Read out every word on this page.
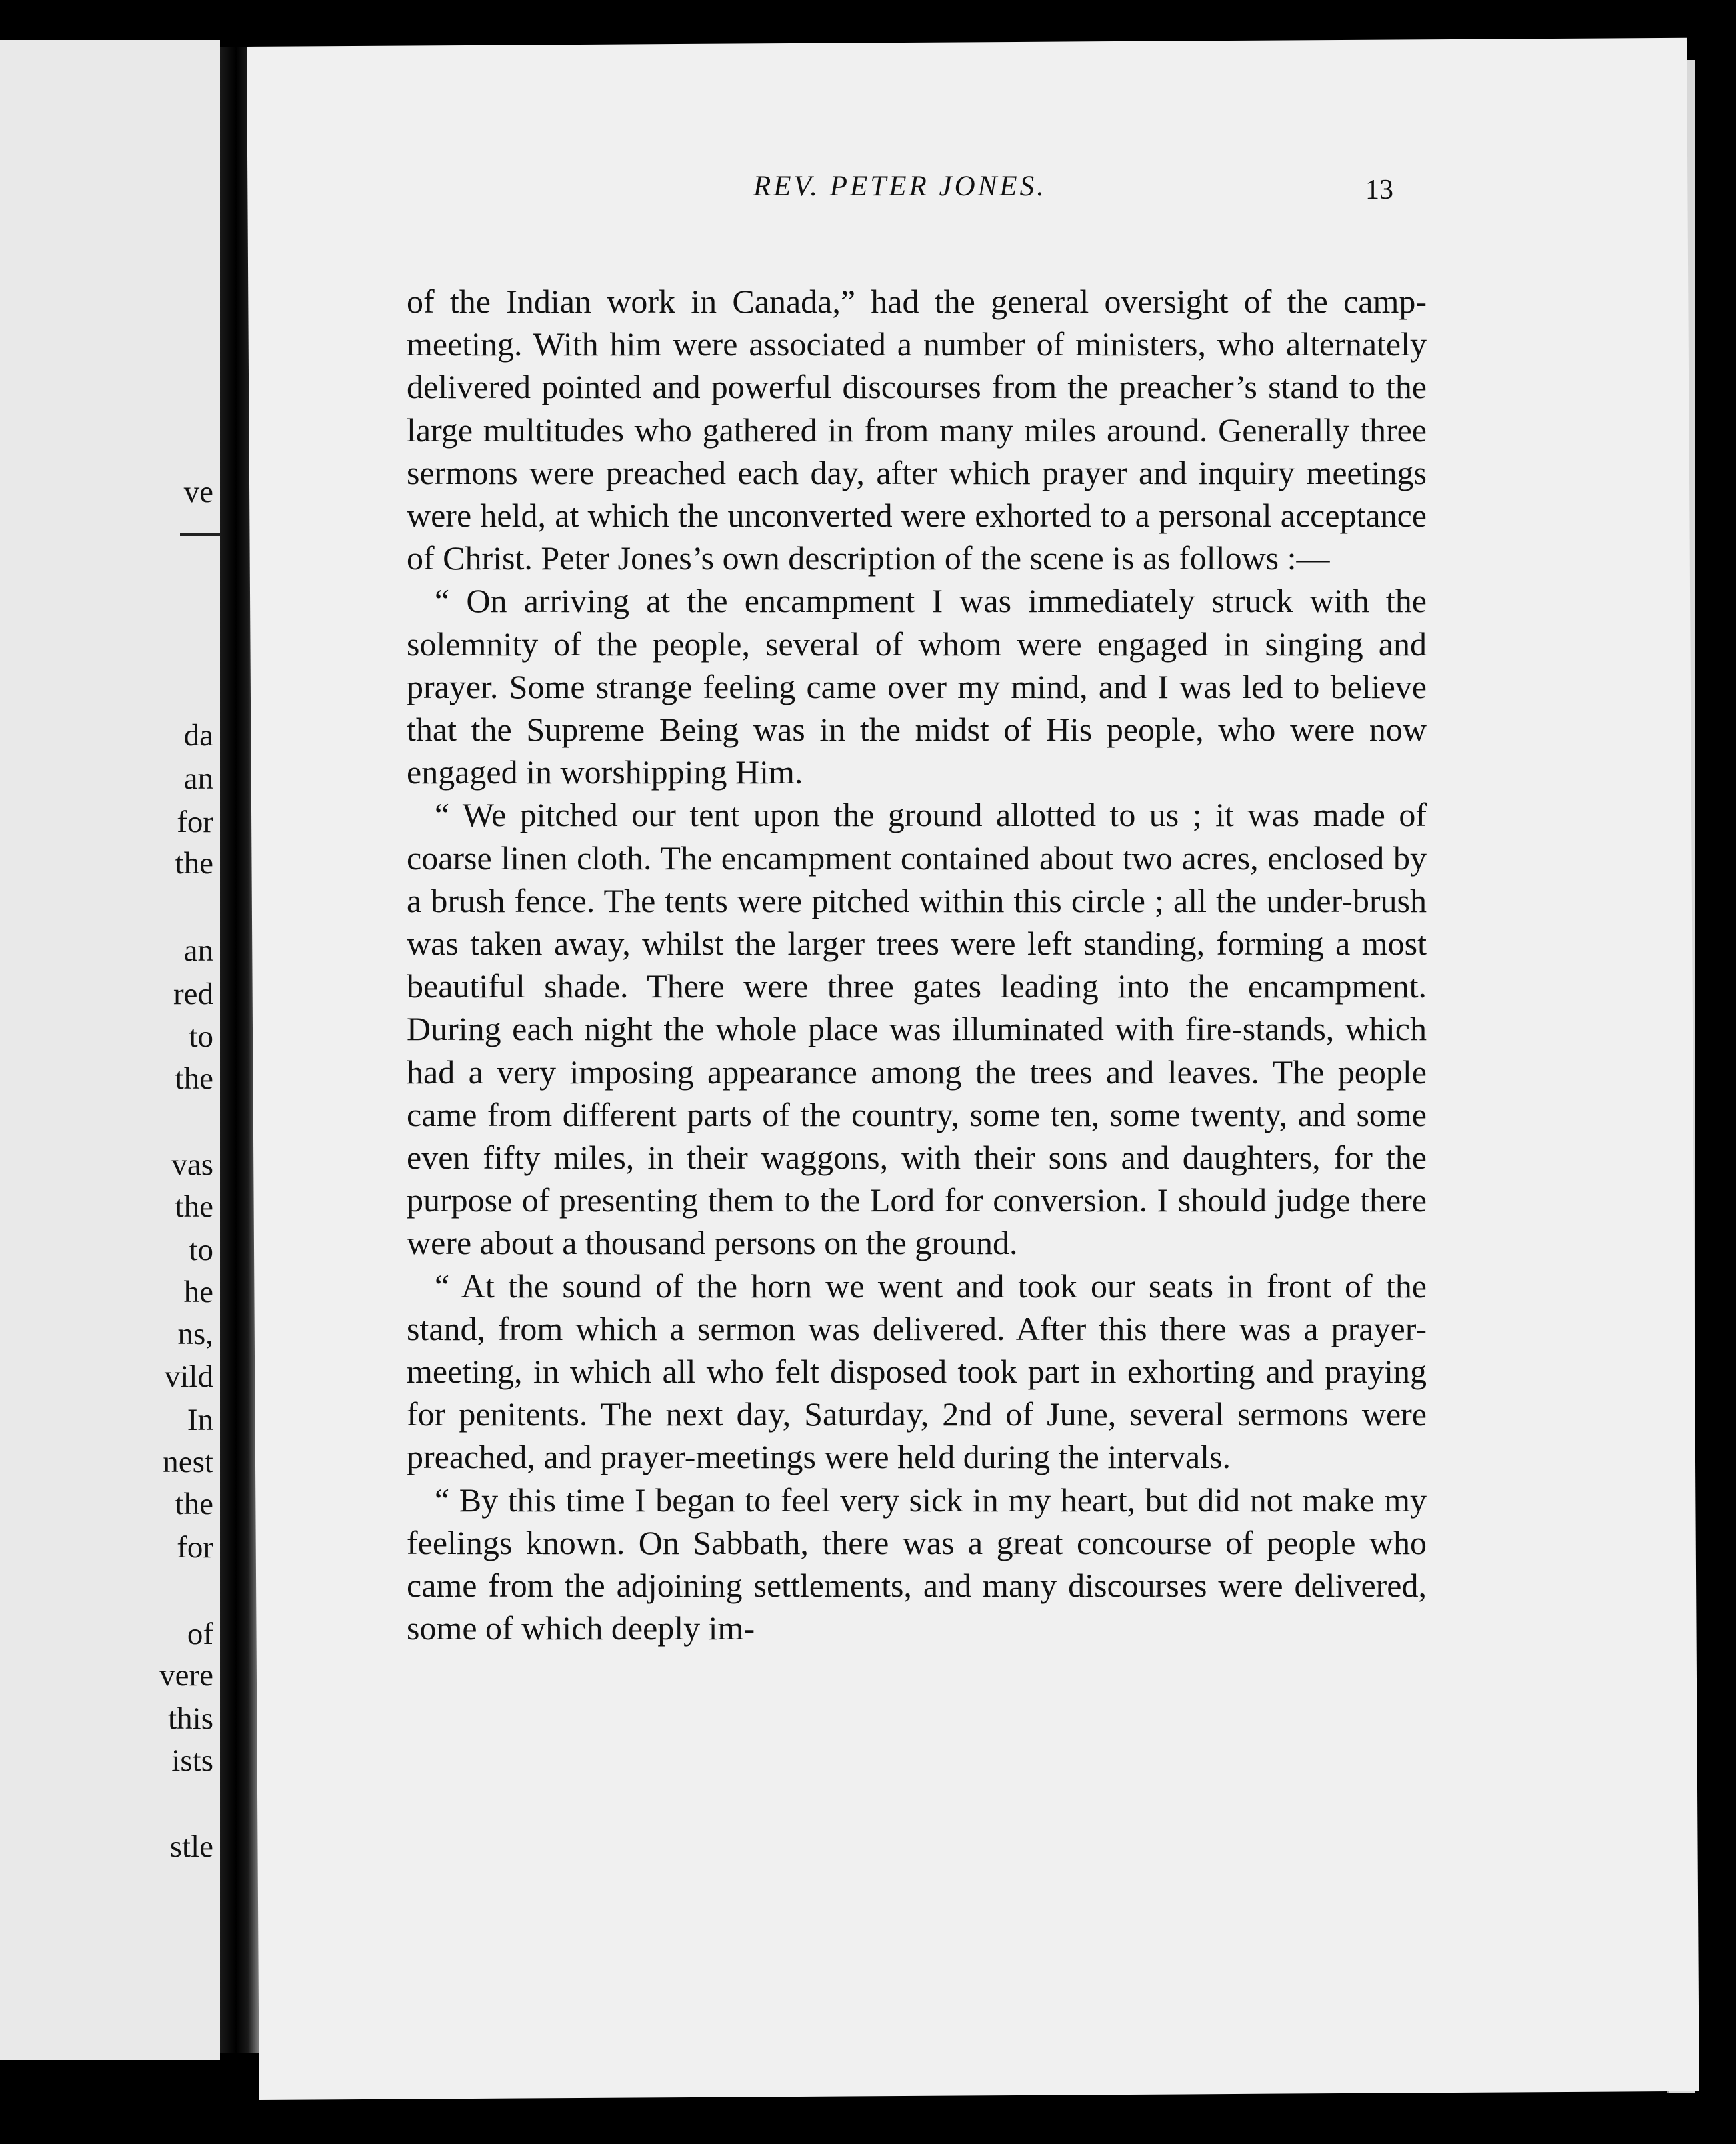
ve
da
an
for
the
an
red
to
the
vas
the
to
he
ns,
vild
In
nest
the
for
of
vere
this
ists
stle
REV. PETER JONES.	13

of the Indian work in Canada,” had the general oversight of the camp-meeting. With him were associated a number of ministers, who alternately delivered pointed and powerful discourses from the preacher’s stand to the large multitudes who gathered in from many miles around. Generally three sermons were preached each day, after which prayer and inquiry meetings were held, at which the unconverted were exhorted to a personal acceptance of Christ. Peter Jones’s own description of the scene is as follows :—

“ On arriving at the encampment I was immediately struck with the solemnity of the people, several of whom were engaged in singing and prayer. Some strange feeling came over my mind, and I was led to believe that the Supreme Being was in the midst of His people, who were now engaged in worshipping Him.

“ We pitched our tent upon the ground allotted to us ; it was made of coarse linen cloth. The encampment contained about two acres, enclosed by a brush fence. The tents were pitched within this circle ; all the under-brush was taken away, whilst the larger trees were left standing, forming a most beautiful shade. There were three gates leading into the encampment. During each night the whole place was illuminated with fire-stands, which had a very imposing appearance among the trees and leaves. The people came from different parts of the country, some ten, some twenty, and some even fifty miles, in their waggons, with their sons and daughters, for the purpose of presenting them to the Lord for conversion. I should judge there were about a thousand persons on the ground.

“ At the sound of the horn we went and took our seats in front of the stand, from which a sermon was delivered. After this there was a prayer-meeting, in which all who felt disposed took part in exhorting and praying for penitents. The next day, Saturday, 2nd of June, several sermons were preached, and prayer-meetings were held during the intervals.

“ By this time I began to feel very sick in my heart, but did not make my feelings known. On Sabbath, there was a great concourse of people who came from the adjoining settlements, and many discourses were delivered, some of which deeply im-
